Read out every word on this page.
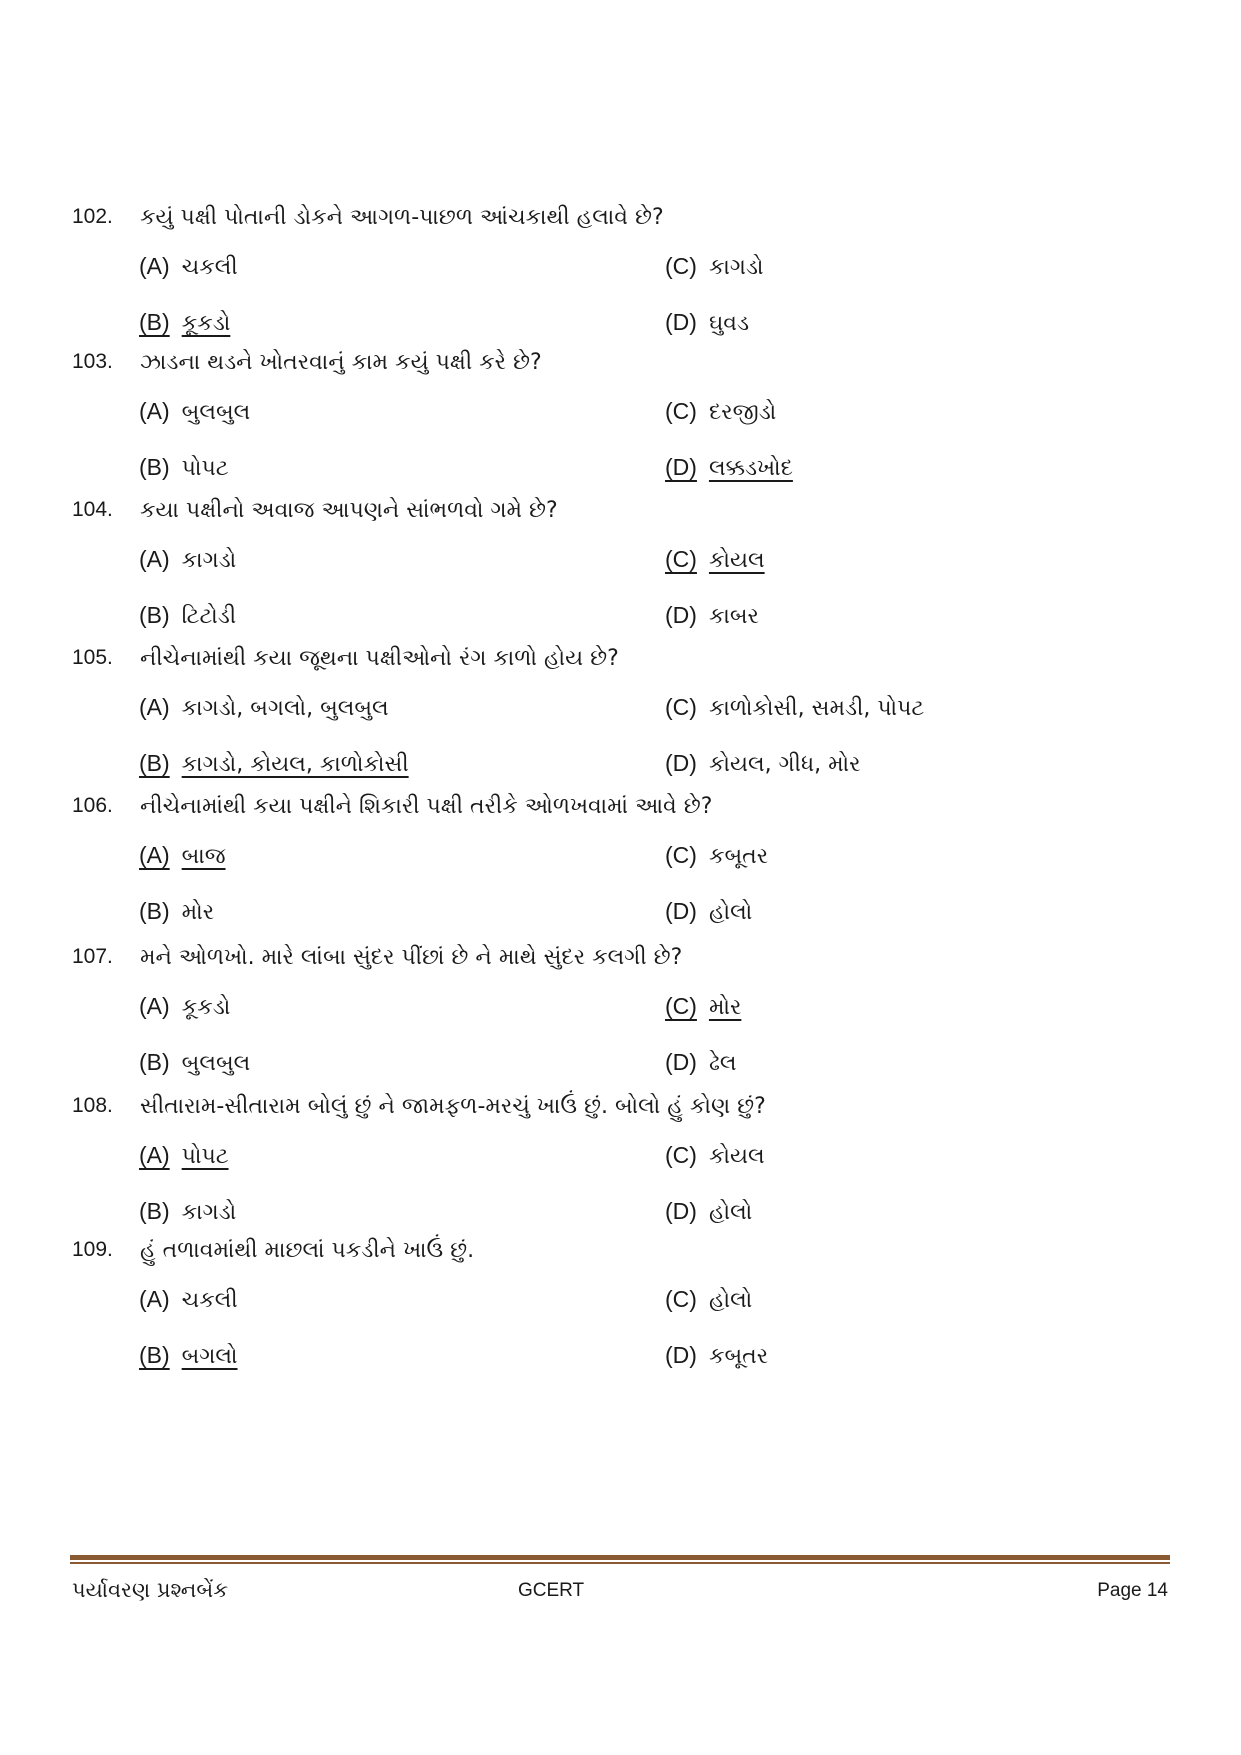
102. કયું પક્ષી પોતાની ડોકને આગળ-પાછળ આંચકાથી હલાવે છે?
(A) ચકલી
(B) કૂકડો
(C) કાગડો
(D) ઘુવડ
103. ઝાડના થડને ખોતરવાનું કામ કયું પક્ષી કરે છે?
(A) બુલબુલ
(B) પોપટ
(C) દરજીડો
(D) લક્કડખોદ
104. કયા પક્ષીનો અવાજ આપણને સાંભળવો ગમે છે?
(A) કાગડો
(B) ટિટોડી
(C) કોયલ
(D) કાબર
105. નીચેનામાંથી કયા જૂથના પક્ષીઓનો રંગ કાળો હોય છે?
(A) કાગડો, બગલો, બુલબુલ
(B) કાગડો, કોયલ, કાળોકોસી
(C) કાળોકોસી, સમડી, પોપટ
(D) કોયલ, ગીધ, મોર
106. નીચેનામાંથી કયા પક્ષીને શિકારી પક્ષી તરીકે ઓળખવામાં આવે છે?
(A) બાજ
(B) મોર
(C) કબૂતર
(D) હોલો
107. મને ઓળખો. મારે લાંબા સુંદર પીંછાં છે ને માથે સુંદર કલગી છે?
(A) કૂકડો
(B) બુલબુલ
(C) મોર
(D) ઢેલ
108. સીતારામ-સીતારામ બોલું છું ને જામફળ-મરચું ખાઉં છું. બોલો હું કોણ છું?
(A) પોપટ
(B) કાગડો
(C) કોયલ
(D) હોલો
109. હું તળાવમાંથી માછલાં પકડીને ખાઉં છું.
(A) ચકલી
(B) બગલો
(C) હોલો
(D) કબૂતર
પર્યાવરણ પ્રશ્નબેંક	GCERT	Page 14
